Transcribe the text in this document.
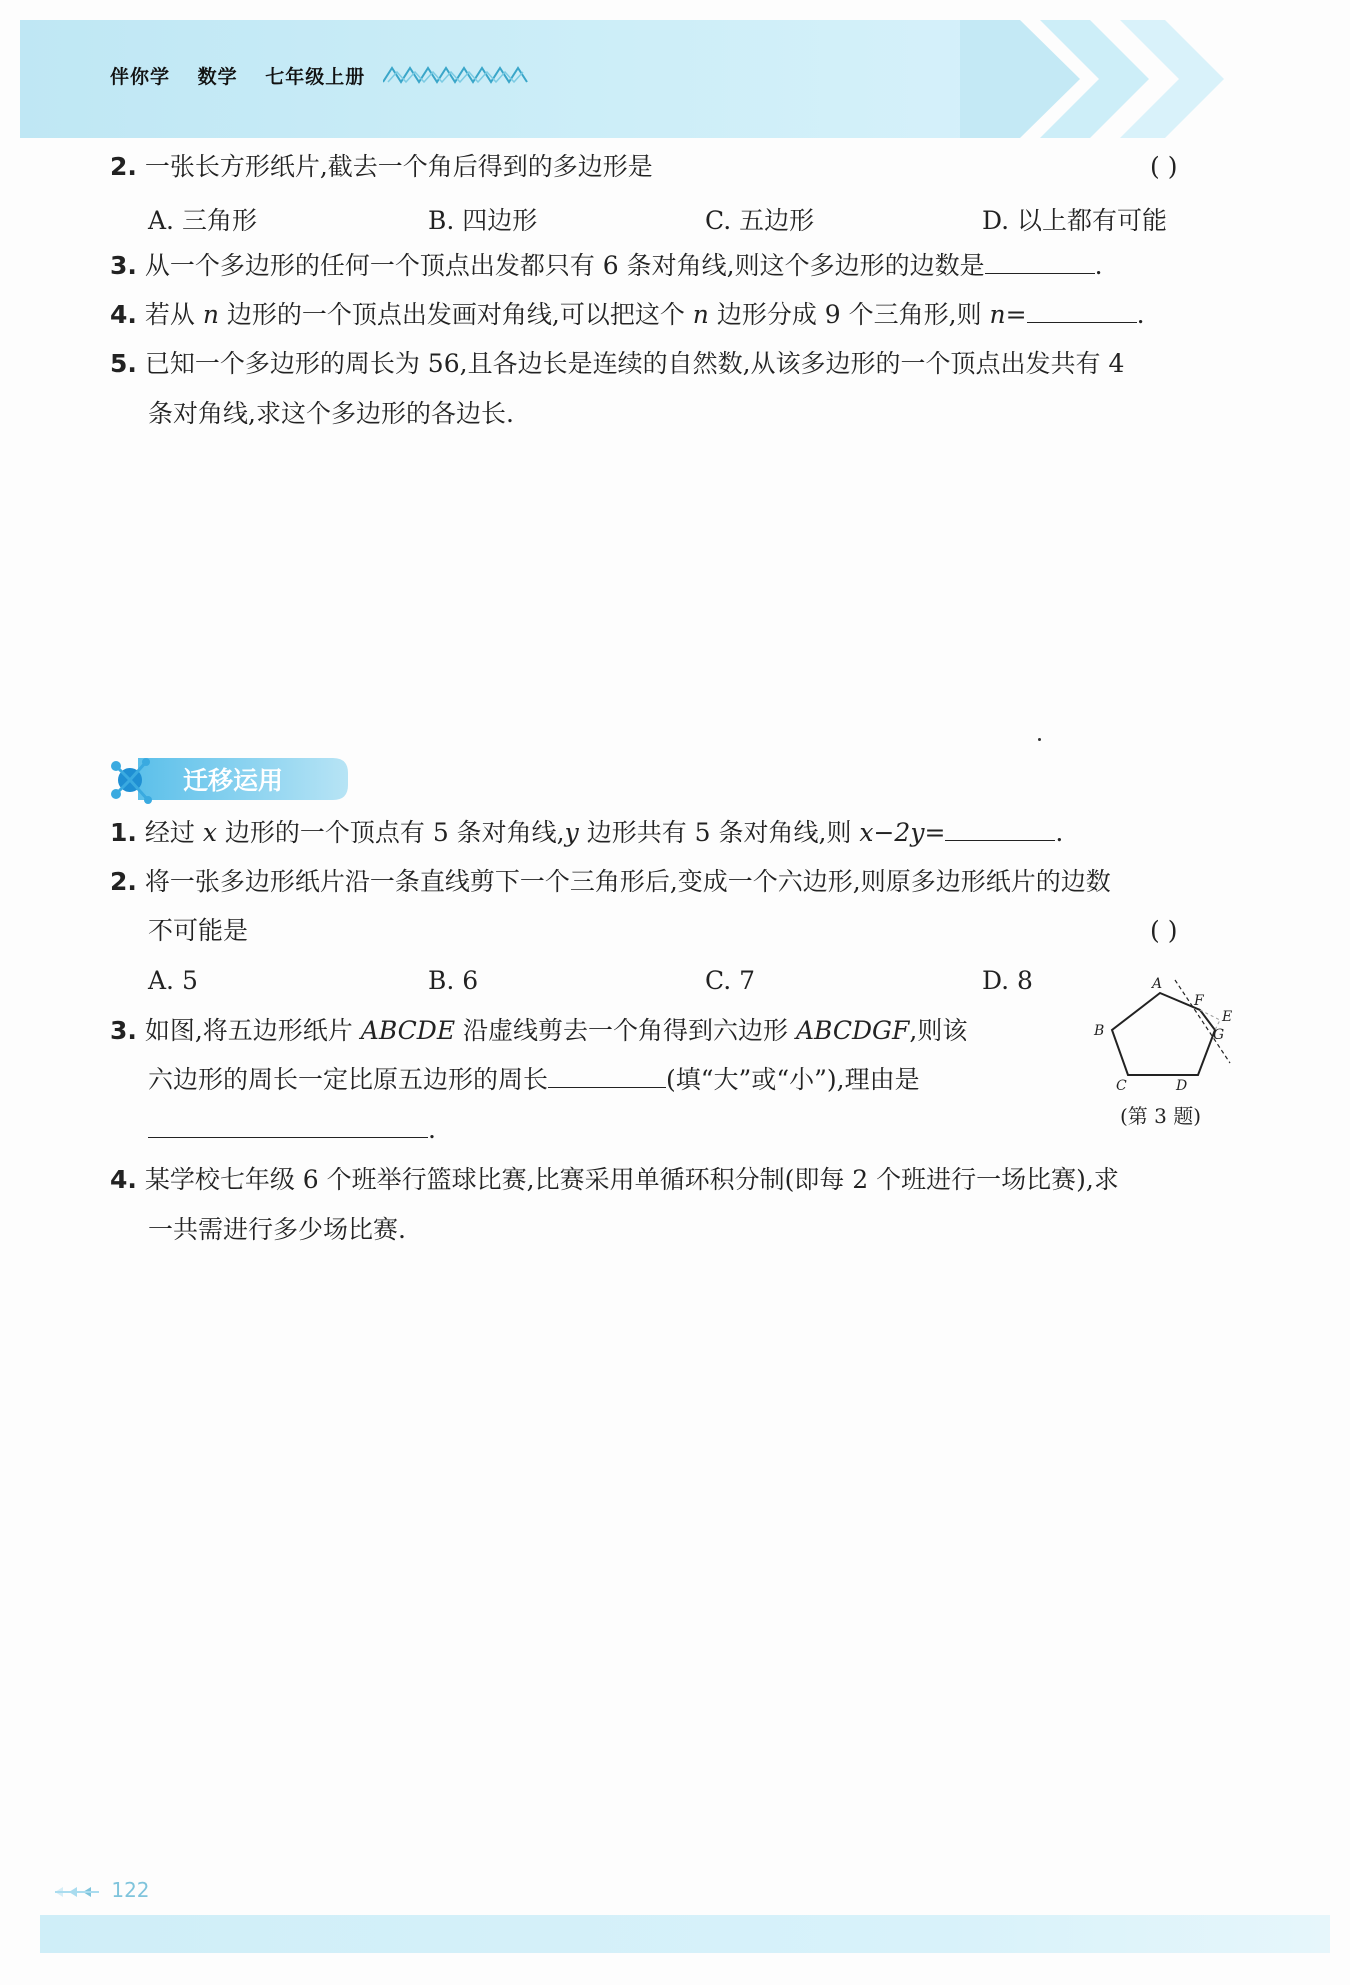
伴你学 数学 七年级上册
2. 一张长方形纸片,截去一个角后得到的多边形是	( )
A. 三角形	B. 四边形	C. 五边形	D. 以上都有可能
3. 从一个多边形的任何一个顶点出发都只有 6 条对角线,则这个多边形的边数是	.
4. 若从 n 边形的一个顶点出发画对角线,可以把这个 n 边形分成 9 个三角形,则 n=	.
5. 已知一个多边形的周长为 56,且各边长是连续的自然数,从该多边形的一个顶点出发共有 4
条对角线,求这个多边形的各边长.
迁移运用
1. 经过 x 边形的一个顶点有 5 条对角线,y 边形共有 5 条对角线,则 x−2y=	.
2. 将一张多边形纸片沿一条直线剪下一个三角形后,变成一个六边形,则原多边形纸片的边数
不可能是	( )
A. 5	B. 6	C. 7	D. 8
3. 如图,将五边形纸片 ABCDE 沿虚线剪去一个角得到六边形 ABCDGF,则该
六边形的周长一定比原五边形的周长	(填“大”或“小”),理由是
.
A
B
C	D
E
F
G
(第 3 题)
4. 某学校七年级 6 个班举行篮球比赛,比赛采用单循环积分制(即每 2 个班进行一场比赛),求
一共需进行多少场比赛.
122
